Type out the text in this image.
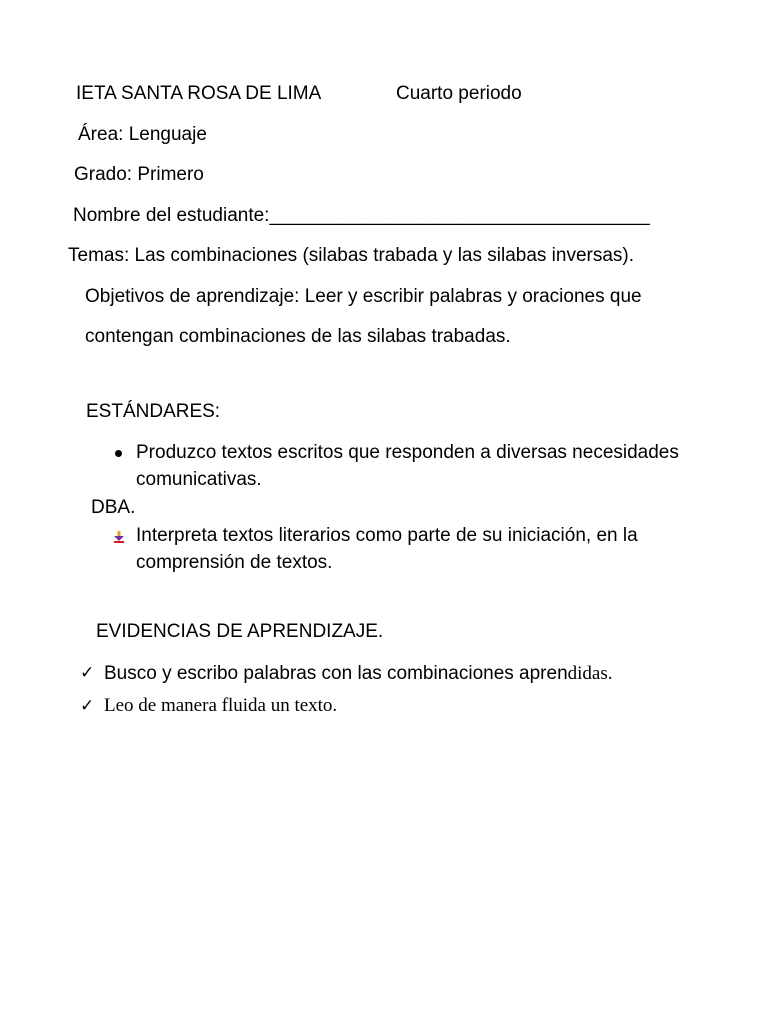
IETA SANTA ROSA DE LIMA	Cuarto periodo
Área: Lenguaje
Grado: Primero
Nombre del estudiante:____________________________________
Temas: Las combinaciones (silabas trabada y las silabas inversas).
Objetivos de aprendizaje: Leer y escribir palabras y oraciones que
contengan combinaciones de las silabas trabadas.
ESTÁNDARES:
Produzco textos escritos que responden a diversas necesidades
comunicativas.
DBA.
Interpreta textos literarios como parte de su iniciación, en la
comprensión de textos.
EVIDENCIAS DE APRENDIZAJE.
✓ Busco y escribo palabras con las combinaciones aprendidas.
✓ Leo de manera fluida un texto.
